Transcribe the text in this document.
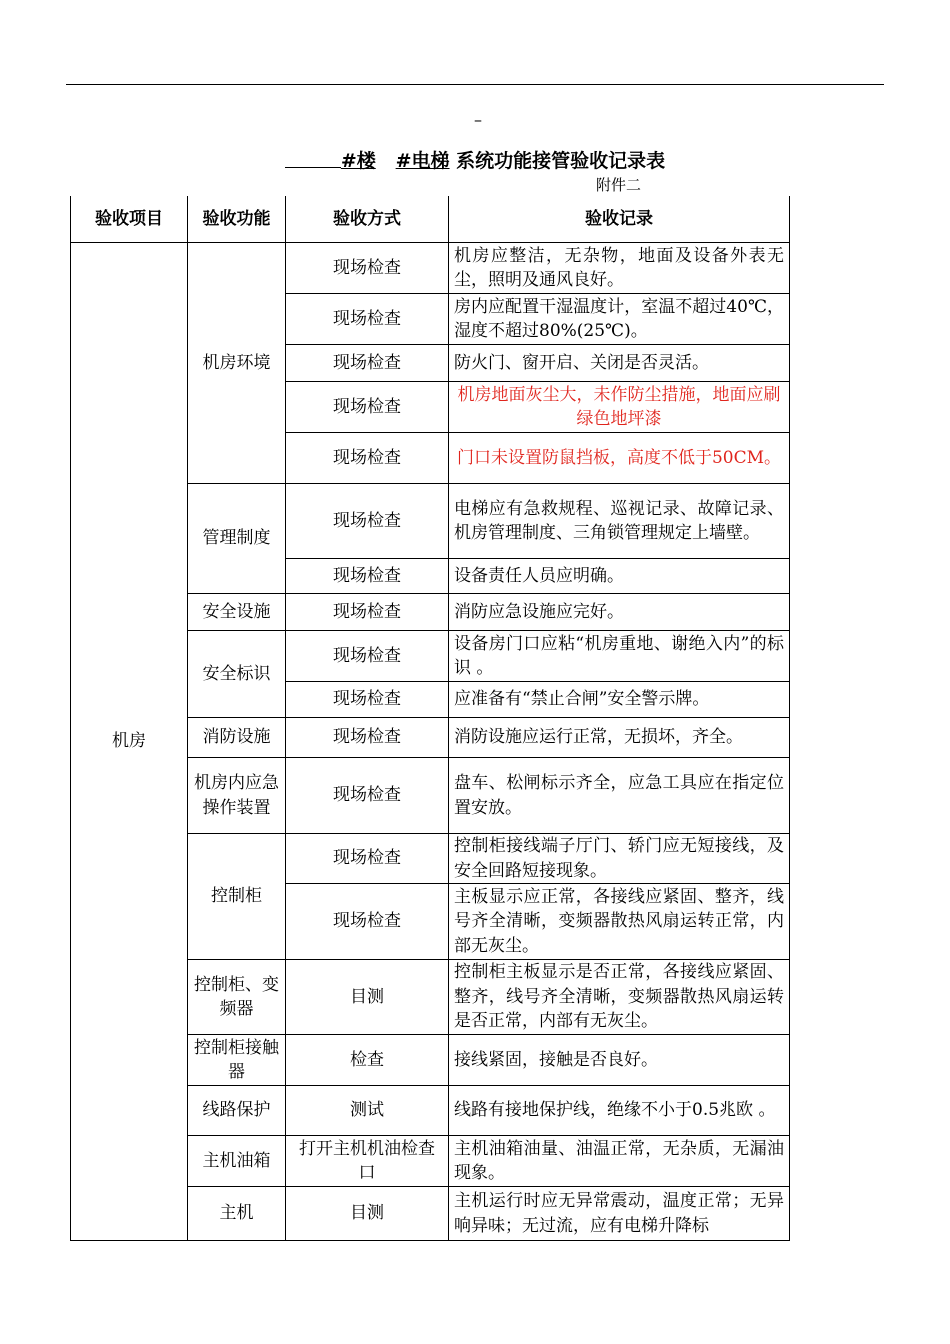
–
#楼 #电梯 系统功能接管验收记录表
附件二
验收项目	验收功能	验收方式	验收记录
机房	机房环境	现场检查	机房应整洁，无杂物，地面及设备外表无尘，照明及通风良好。
		现场检查	房内应配置干湿温度计，室温不超过40℃，湿度不超过80%(25℃)。
		现场检查	防火门、窗开启、关闭是否灵活。
		现场检查	机房地面灰尘大，未作防尘措施，地面应刷绿色地坪漆
		现场检查	门口未设置防鼠挡板，高度不低于50CM。
	管理制度	现场检查	电梯应有急救规程、巡视记录、故障记录、机房管理制度、三角锁管理规定上墙壁。
		现场检查	设备责任人员应明确。
	安全设施	现场检查	消防应急设施应完好。
	安全标识	现场检查	设备房门口应粘“机房重地、谢绝入内”的标识 。
		现场检查	应准备有“禁止合闸”安全警示牌。
	消防设施	现场检查	消防设施应运行正常，无损坏，齐全。
	机房内应急操作装置	现场检查	盘车、松闸标示齐全，应急工具应在指定位置安放。
	控制柜	现场检查	控制柜接线端子厅门、轿门应无短接线，及安全回路短接现象。
		现场检查	主板显示应正常，各接线应紧固、整齐，线号齐全清晰，变频器散热风扇运转正常，内部无灰尘。
	控制柜、变频器	目测	控制柜主板显示是否正常，各接线应紧固、整齐，线号齐全清晰，变频器散热风扇运转是否正常，内部有无灰尘。
	控制柜接触器	检查	接线紧固，接触是否良好。
	线路保护	测试	线路有接地保护线，绝缘不小于0.5兆欧 。
	主机油箱	打开主机机油检查口	主机油箱油量、油温正常，无杂质，无漏油现象。
	主机	目测	主机运行时应无异常震动，温度正常；无异响异味；无过流，应有电梯升降标
